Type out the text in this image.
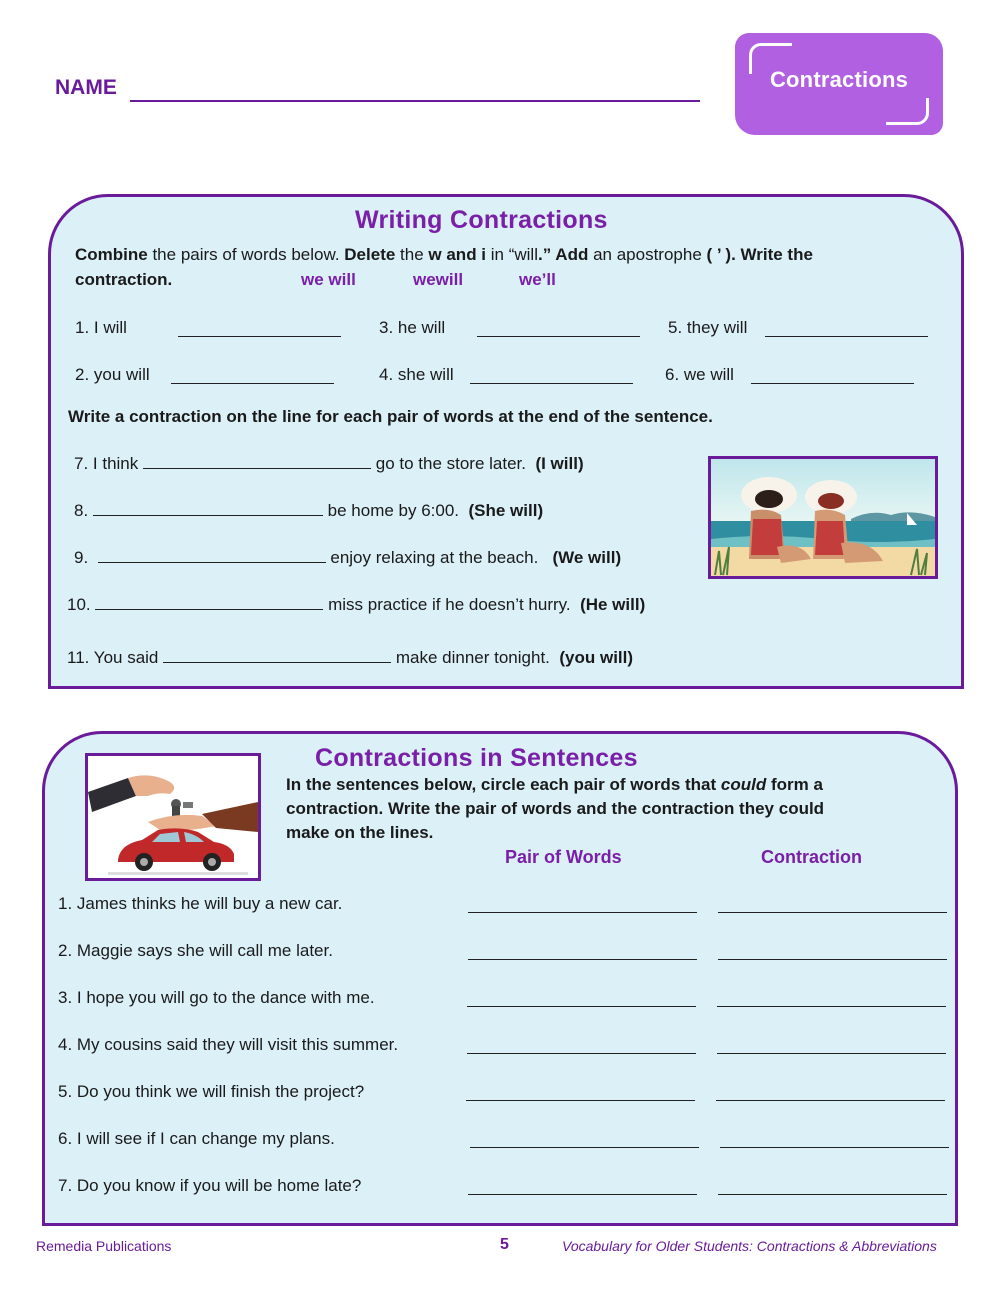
NAME	Contractions
Writing Contractions
Combine the pairs of words below. Delete the w and i in “will.” Add an apostrophe ( ’ ). Write the
contraction.	we will	wewill	we’ll
1. I will	3. he will	5. they will
2. you will	4. she will	6. we will
Write a contraction on the line for each pair of words at the end of the sentence.
7. I think	go to the store later. (I will)
8.	be home by 6:00. (She will)
9.	enjoy relaxing at the beach. (We will)
10.	miss practice if he doesn’t hurry. (He will)
11. You said	make dinner tonight. (you will)
Contractions in Sentences
In the sentences below, circle each pair of words that could form a
contraction. Write the pair of words and the contraction they could
make on the lines.
Pair of Words	Contraction
1. James thinks he will buy a new car.
2. Maggie says she will call me later.
3. I hope you will go to the dance with me.
4. My cousins said they will visit this summer.
5. Do you think we will finish the project?
6. I will see if I can change my plans.
7. Do you know if you will be home late?
Remedia Publications	5	Vocabulary for Older Students: Contractions & Abbreviations
